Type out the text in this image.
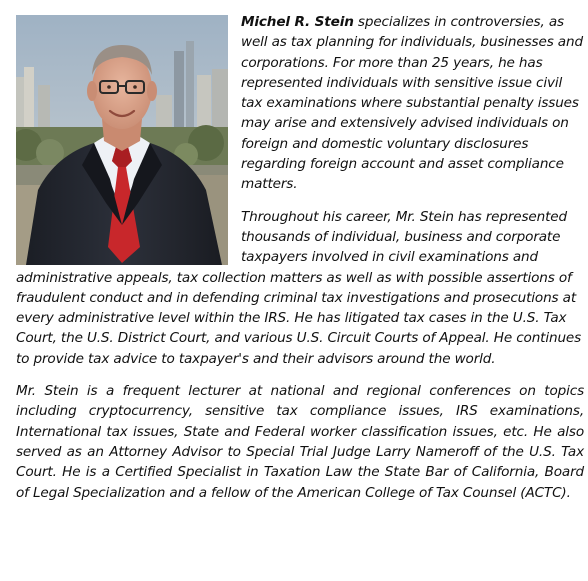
Michel R. Stein specializes in controversies, as well as tax planning for individuals, businesses and corporations. For more than 25 years, he has represented individuals with sensitive issue civil tax examinations where substantial penalty issues may arise and extensively advised individuals on foreign and domestic voluntary disclosures regarding foreign account and asset compliance matters.

Throughout his career, Mr. Stein has represented thousands of individual, business and corporate taxpayers involved in civil examinations and administrative appeals, tax collection matters as well as with possible assertions of fraudulent conduct and in defending criminal tax investigations and prosecutions at every administrative level within the IRS. He has litigated tax cases in the U.S. Tax Court, the U.S. District Court, and various U.S. Circuit Courts of Appeal. He continues to provide tax advice to taxpayer's and their advisors around the world.

Mr. Stein is a frequent lecturer at national and regional conferences on topics including cryptocurrency, sensitive tax compliance issues, IRS examinations, International tax issues, State and Federal worker classification issues, etc. He also served as an Attorney Advisor to Special Trial Judge Larry Nameroff of the U.S. Tax Court. He is a Certified Specialist in Taxation Law the State Bar of California, Board of Legal Specialization and a fellow of the American College of Tax Counsel (ACTC).
